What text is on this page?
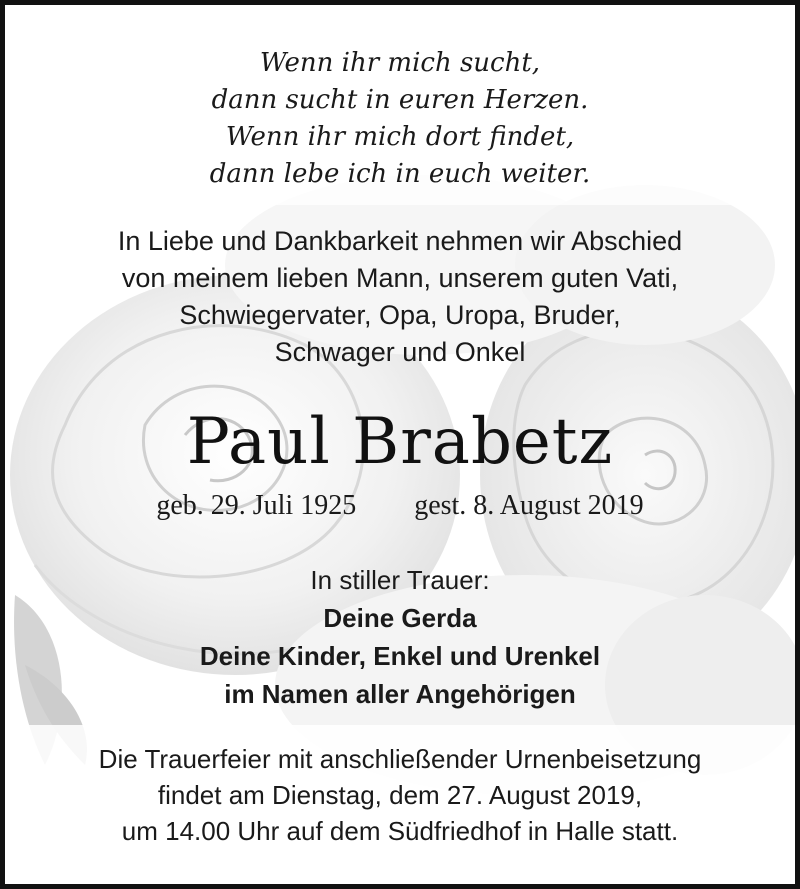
Wenn ihr mich sucht,
dann sucht in euren Herzen.
Wenn ihr mich dort findet,
dann lebe ich in euch weiter.
In Liebe und Dankbarkeit nehmen wir Abschied
von meinem lieben Mann, unserem guten Vati,
Schwiegervater, Opa, Uropa, Bruder,
Schwager und Onkel
Paul Brabetz
geb. 29. Juli 1925 gest. 8. August 2019
In stiller Trauer:
Deine Gerda
Deine Kinder, Enkel und Urenkel
im Namen aller Angehörigen
Die Trauerfeier mit anschließender Urnenbeisetzung
findet am Dienstag, dem 27. August 2019,
um 14.00 Uhr auf dem Südfriedhof in Halle statt.
